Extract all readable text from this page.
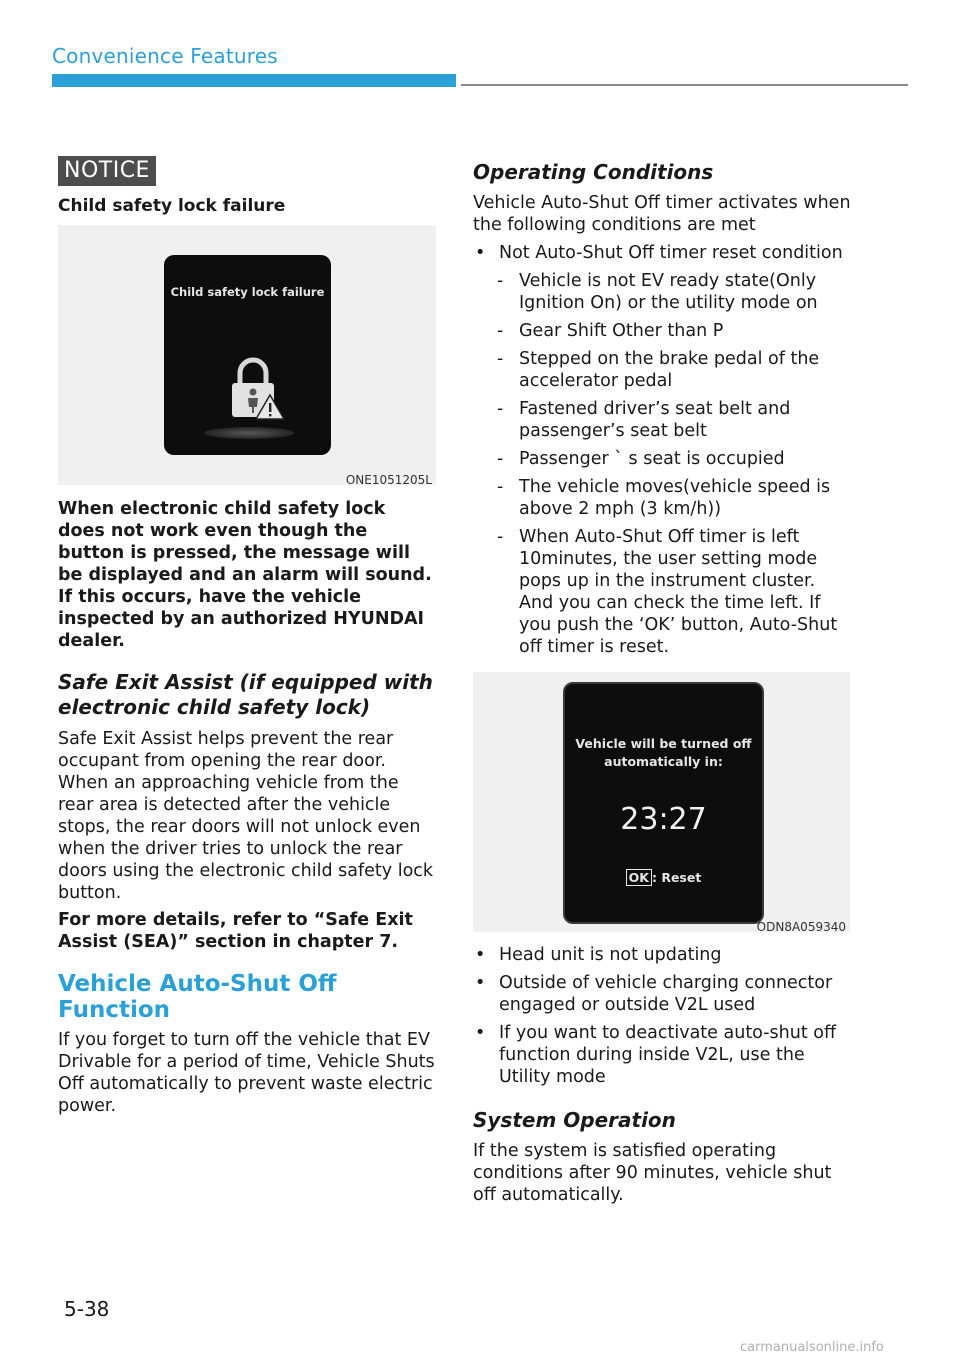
Convenience Features
NOTICE
Child safety lock failure
Child safety lock failure
ONE1051205L

When electronic child safety lock does not work even though the button is pressed, the message will be displayed and an alarm will sound. If this occurs, have the vehicle inspected by an authorized HYUNDAI dealer.

Safe Exit Assist (if equipped with electronic child safety lock)

Safe Exit Assist helps prevent the rear occupant from opening the rear door. When an approaching vehicle from the rear area is detected after the vehicle stops, the rear doors will not unlock even when the driver tries to unlock the rear doors using the electronic child safety lock button.

For more details, refer to “Safe Exit Assist (SEA)” section in chapter 7.

Vehicle Auto-Shut Off Function

If you forget to turn off the vehicle that EV Drivable for a period of time, Vehicle Shuts Off automatically to prevent waste electric power.

Operating Conditions

Vehicle Auto-Shut Off timer activates when the following conditions are met

• Not Auto-Shut Off timer reset condition
- Vehicle is not EV ready state(Only Ignition On) or the utility mode on
- Gear Shift Other than P
- Stepped on the brake pedal of the accelerator pedal
- Fastened driver’s seat belt and passenger’s seat belt
- Passenger ` s seat is occupied
- The vehicle moves(vehicle speed is above 2 mph (3 km/h))
- When Auto-Shut Off timer is left 10minutes, the user setting mode pops up in the instrument cluster. And you can check the time left. If you push the ‘OK’ button, Auto-Shut off timer is reset.
Vehicle will be turned off
automatically in:
23:27
OK : Reset
ODN8A059340
• Head unit is not updating
• Outside of vehicle charging connector engaged or outside V2L used
• If you want to deactivate auto-shut off function during inside V2L, use the Utility mode

System Operation

If the system is satisfied operating conditions after 90 minutes, vehicle shut off automatically.

5-38
carmanualsonline.info
